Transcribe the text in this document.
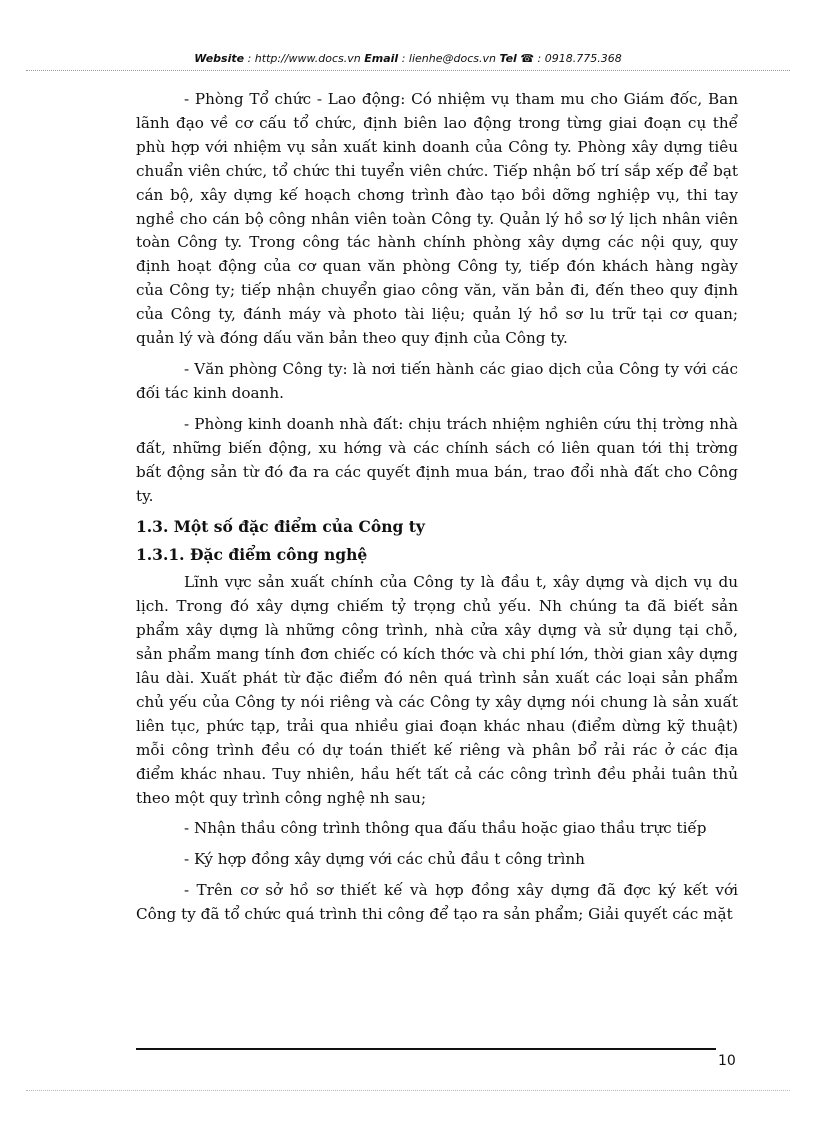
Website : http://www.docs.vn Email : lienhe@docs.vn Tel ☎ : 0918.775.368

- Phòng Tổ chức - Lao động: Có nhiệm vụ tham mu cho Giám đốc, Ban lãnh đạo về cơ cấu tổ chức, định biên lao động trong từng giai đoạn cụ thể phù hợp với nhiệm vụ sản xuất kinh doanh của Công ty. Phòng xây dựng tiêu chuẩn viên chức, tổ chức thi tuyển viên chức. Tiếp nhận bố trí sắp xếp để bạt cán bộ, xây dựng kế hoạch chơng trình đào tạo bồi dỡng nghiệp vụ, thi tay nghề cho cán bộ công nhân viên toàn Công ty. Quản lý hồ sơ lý lịch nhân viên toàn Công ty. Trong công tác hành chính phòng xây dựng các nội quy, quy định hoạt động của cơ quan văn phòng Công ty, tiếp đón khách hàng ngày của Công ty; tiếp nhận chuyển giao công văn, văn bản đi, đến theo quy định của Công ty, đánh máy và photo tài liệu; quản lý hồ sơ lu trữ tại cơ quan; quản lý và đóng dấu văn bản theo quy định của Công ty.

- Văn phòng Công ty: là nơi tiến hành các giao dịch của Công ty với các đối tác kinh doanh.

- Phòng kinh doanh nhà đất: chịu trách nhiệm nghiên cứu thị trờng nhà đất, những biến động, xu hớng và các chính sách có liên quan tới thị trờng bất động sản từ đó đa ra các quyết định mua bán, trao đổi nhà đất cho Công ty.

1.3. Một số đặc điểm của Công ty
1.3.1. Đặc điểm công nghệ

Lĩnh vực sản xuất chính của Công ty là đầu t, xây dựng và dịch vụ du lịch. Trong đó xây dựng chiếm tỷ trọng chủ yếu. Nh chúng ta đã biết sản phẩm xây dựng là những công trình, nhà cửa xây dựng và sử dụng tại chỗ, sản phẩm mang tính đơn chiếc có kích thớc và chi phí lớn, thời gian xây dựng lâu dài. Xuất phát từ đặc điểm đó nên quá trình sản xuất các loại sản phẩm chủ yếu của Công ty nói riêng và các Công ty xây dựng nói chung là sản xuất liên tục, phức tạp, trải qua nhiều giai đoạn khác nhau (điểm dừng kỹ thuật) mỗi công trình đều có dự toán thiết kế riêng và phân bổ rải rác ở các địa điểm khác nhau. Tuy nhiên, hầu hết tất cả các công trình đều phải tuân thủ theo một quy trình công nghệ nh sau;

- Nhận thầu công trình thông qua đấu thầu hoặc giao thầu trực tiếp

- Ký hợp đồng xây dựng với các chủ đầu t công trình

- Trên cơ sở hồ sơ thiết kế và hợp đồng xây dựng đã đợc ký kết với Công ty đã tổ chức quá trình thi công để tạo ra sản phẩm; Giải quyết các mặt

10
